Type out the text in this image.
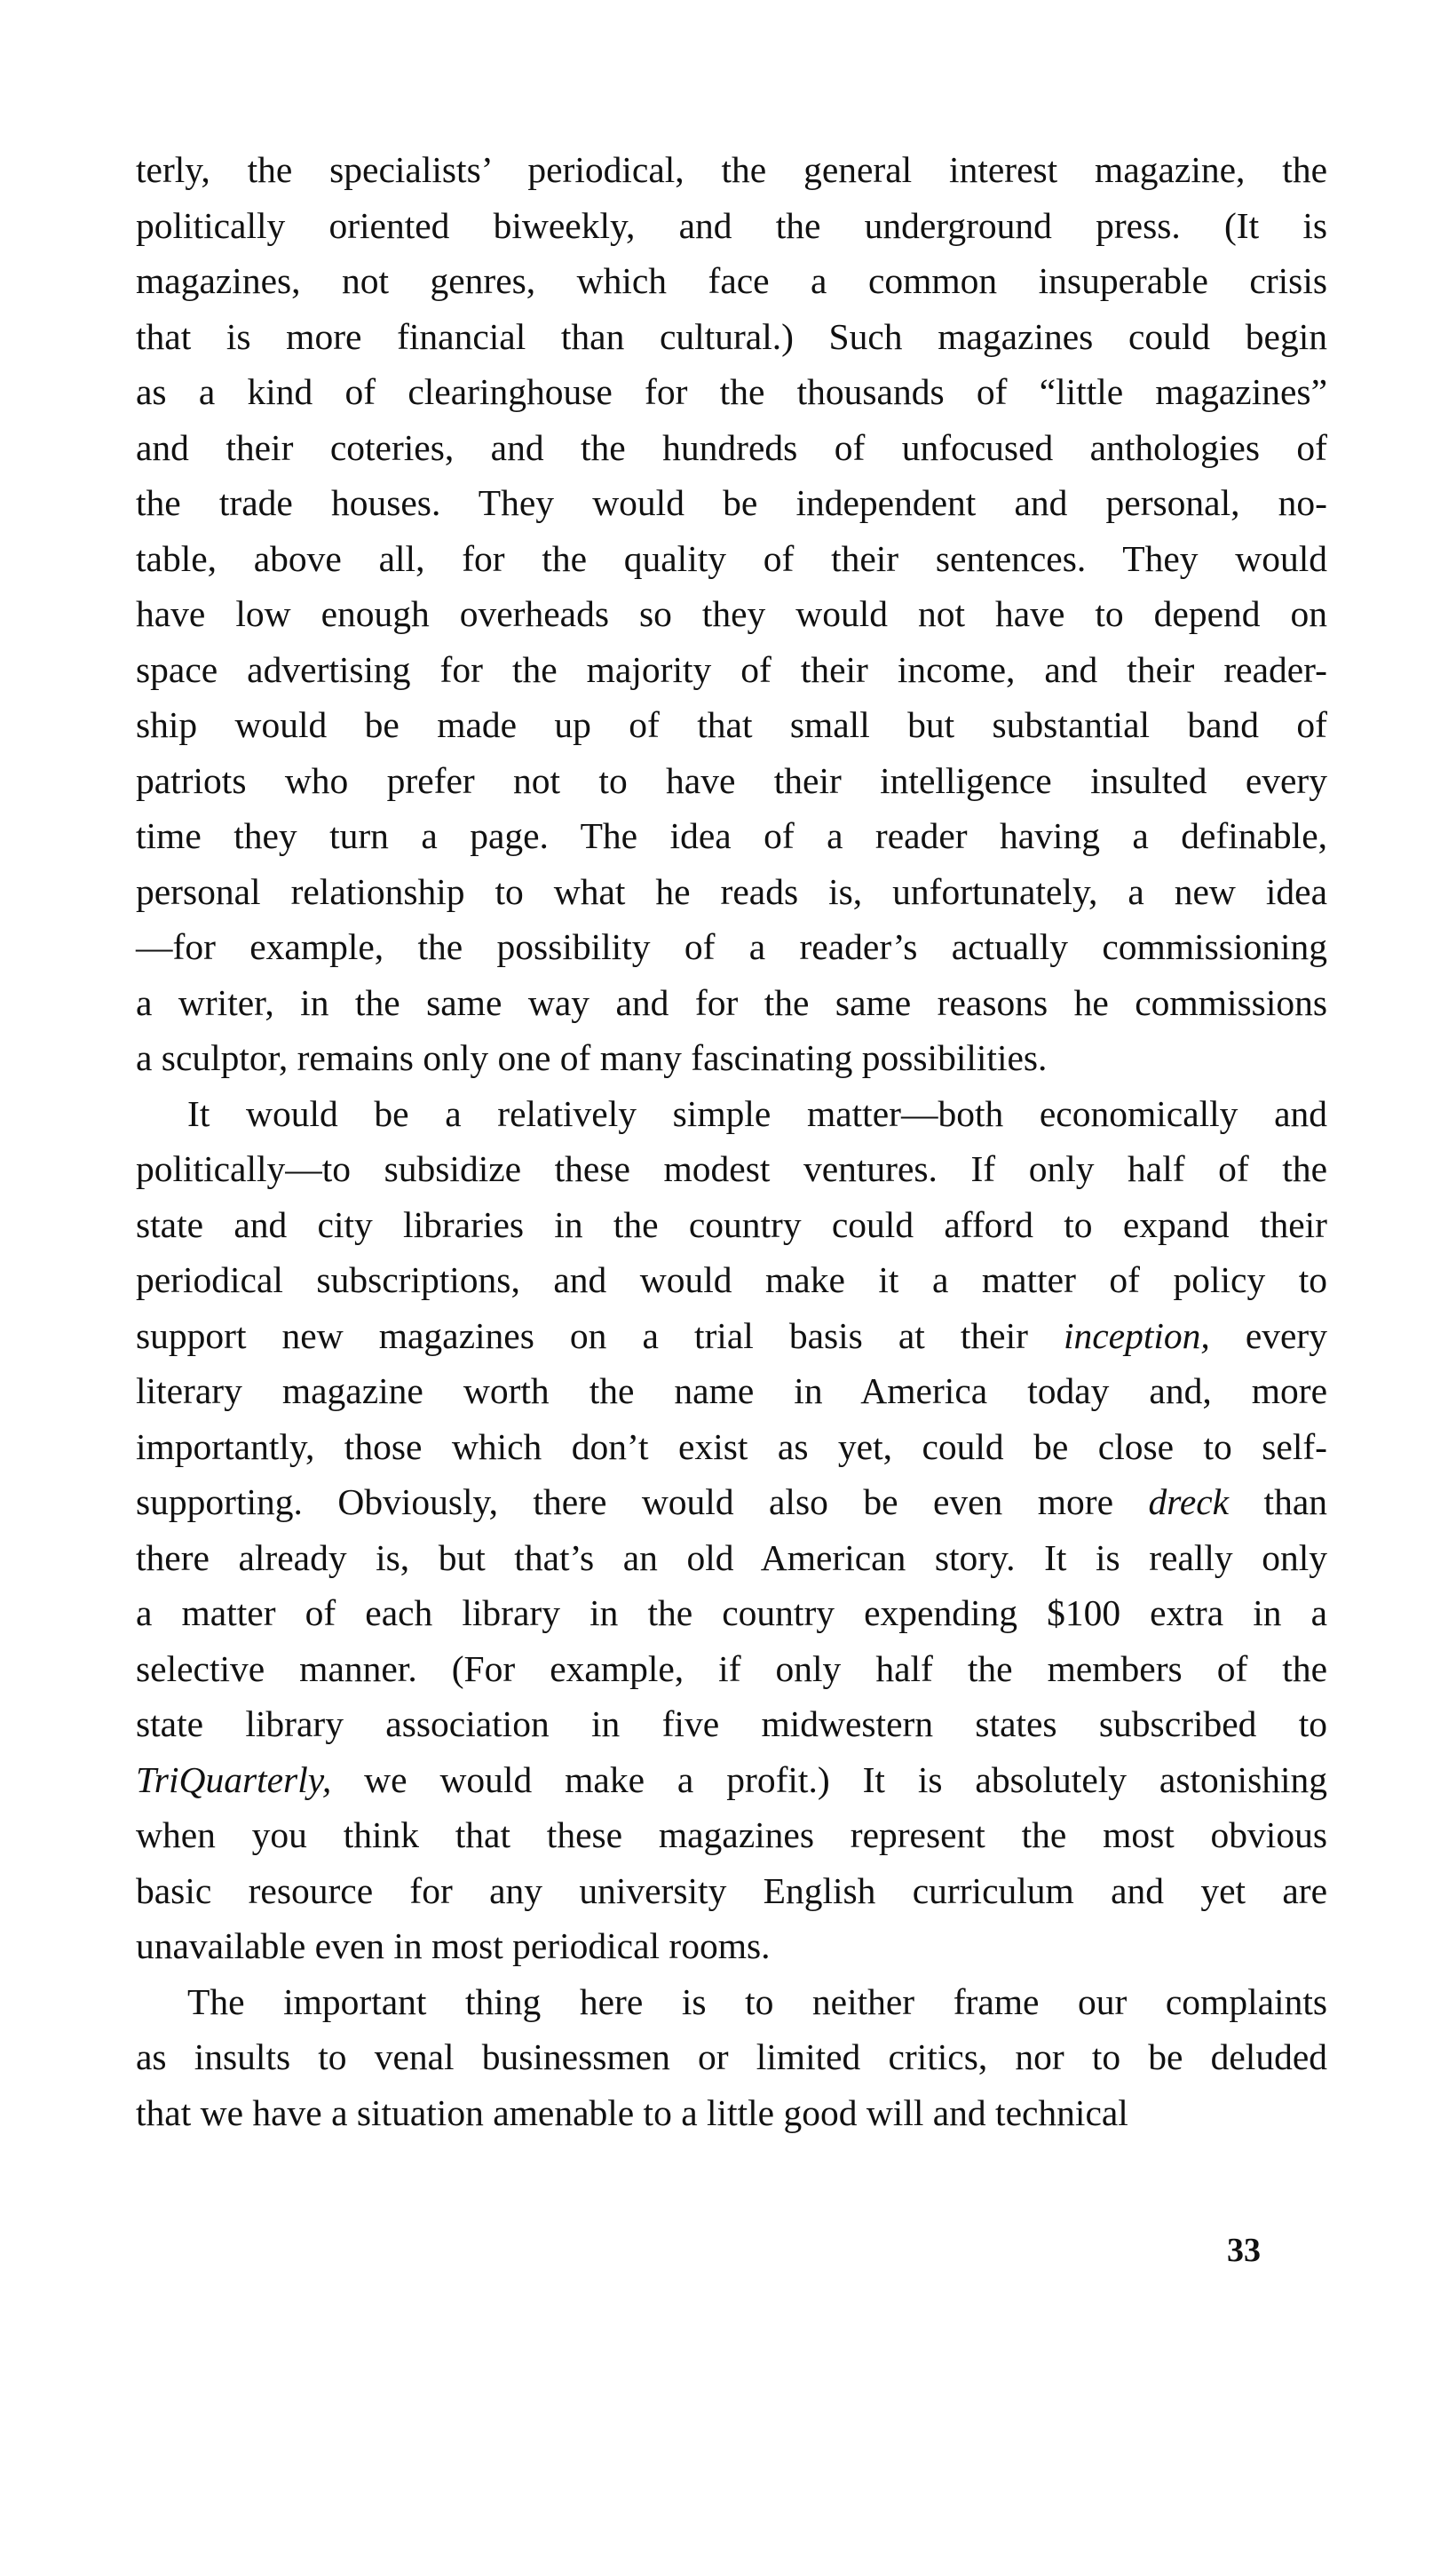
terly, the specialists’ periodical, the general interest magazine, the
politically oriented biweekly, and the underground press. (It is
magazines, not genres, which face a common insuperable crisis
that is more financial than cultural.) Such magazines could begin
as a kind of clearinghouse for the thousands of “little magazines”
and their coteries, and the hundreds of unfocused anthologies of
the trade houses. They would be independent and personal, no-
table, above all, for the quality of their sentences. They would
have low enough overheads so they would not have to depend on
space advertising for the majority of their income, and their reader-
ship would be made up of that small but substantial band of
patriots who prefer not to have their intelligence insulted every
time they turn a page. The idea of a reader having a definable,
personal relationship to what he reads is, unfortunately, a new idea
—for example, the possibility of a reader’s actually commissioning
a writer, in the same way and for the same reasons he commissions
a sculptor, remains only one of many fascinating possibilities.
It would be a relatively simple matter—both economically and
politically—to subsidize these modest ventures. If only half of the
state and city libraries in the country could afford to expand their
periodical subscriptions, and would make it a matter of policy to
support new magazines on a trial basis at their inception, every
literary magazine worth the name in America today and, more
importantly, those which don’t exist as yet, could be close to self-
supporting. Obviously, there would also be even more dreck than
there already is, but that’s an old American story. It is really only
a matter of each library in the country expending $100 extra in a
selective manner. (For example, if only half the members of the
state library association in five midwestern states subscribed to
TriQuarterly, we would make a profit.) It is absolutely astonishing
when you think that these magazines represent the most obvious
basic resource for any university English curriculum and yet are
unavailable even in most periodical rooms.
The important thing here is to neither frame our complaints
as insults to venal businessmen or limited critics, nor to be deluded
that we have a situation amenable to a little good will and technical
33
